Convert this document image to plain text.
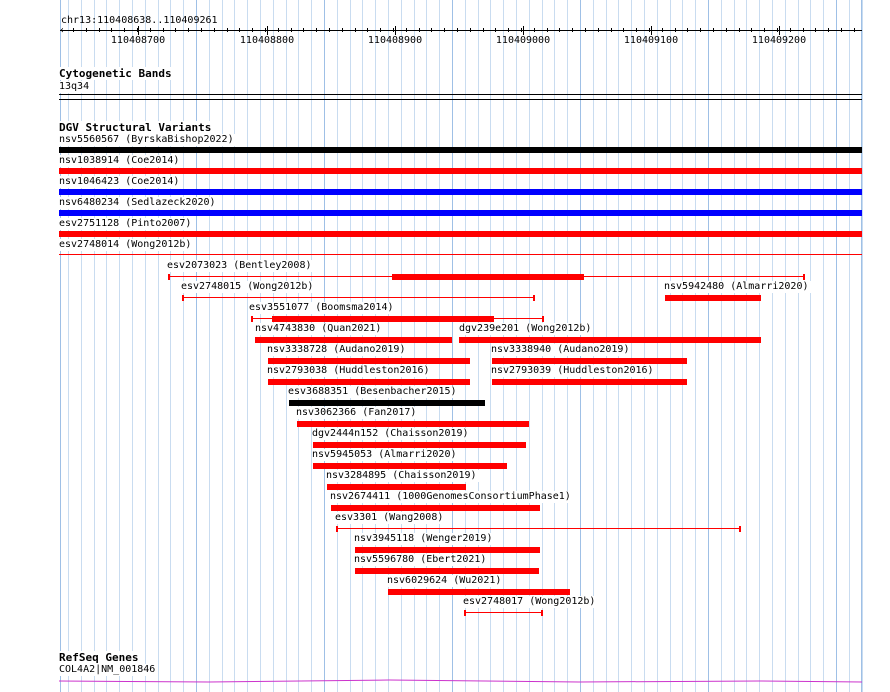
chr13:110408638..110409261
110408700	110408800	110408900	110409000	110409100	110409200
‹
Cytogenetic Bands
13q34
DGV Structural Variants
nsv5560567 (ByrskaBishop2022)
nsv1038914 (Coe2014)
nsv1046423 (Coe2014)
nsv6480234 (Sedlazeck2020)
esv2751128 (Pinto2007)
esv2748014 (Wong2012b)
esv2073023 (Bentley2008)
esv2748015 (Wong2012b)	nsv5942480 (Almarri2020)
esv3551077 (Boomsma2014)
nsv4743830 (Quan2021)	dgv239e201 (Wong2012b)
nsv3338728 (Audano2019)	nsv3338940 (Audano2019)
nsv2793038 (Huddleston2016)	nsv2793039 (Huddleston2016)
esv3688351 (Besenbacher2015)
nsv3062366 (Fan2017)
dgv2444n152 (Chaisson2019)
nsv5945053 (Almarri2020)
nsv3284895 (Chaisson2019)
nsv2674411 (1000GenomesConsortiumPhase1)
esv3301 (Wang2008)
nsv3945118 (Wenger2019)
nsv5596780 (Ebert2021)
nsv6029624 (Wu2021)
esv2748017 (Wong2012b)
RefSeq Genes
COL4A2|NM_001846
